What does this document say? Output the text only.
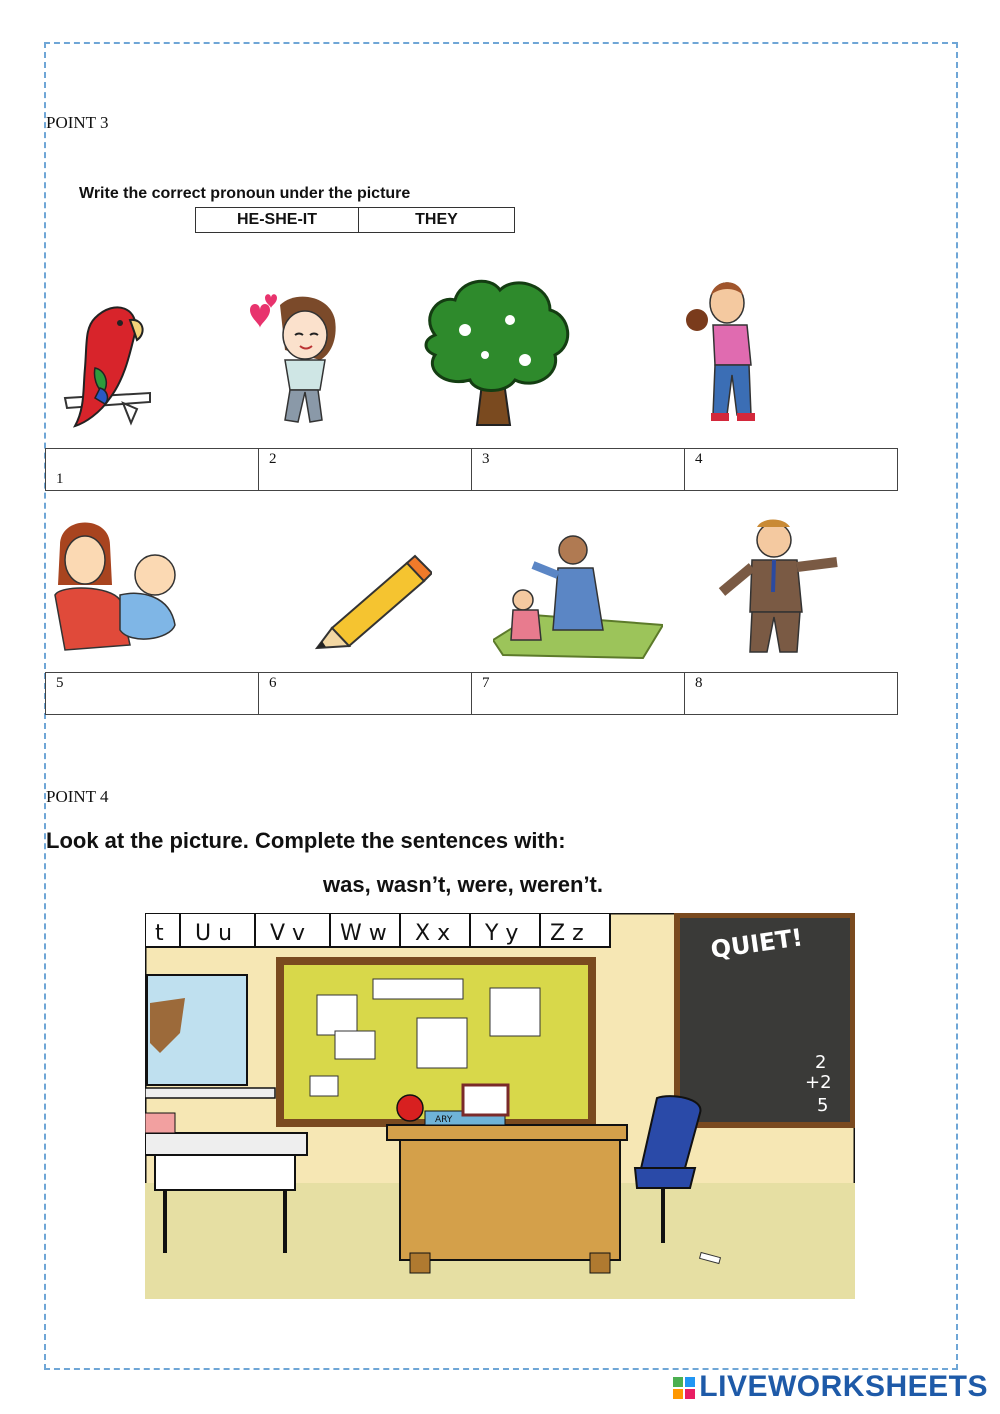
POINT 3
Write the correct pronoun under the picture
HE-SHE-IT	THEY
1	2	3	4
5	6	7	8
POINT 4
Look at the picture. Complete the sentences with:
was, wasn’t, were, weren’t.
t U u V v W w X x Y y Z z	QUIET!
2
+2
5
ARY
LIVEWORKSHEETS
